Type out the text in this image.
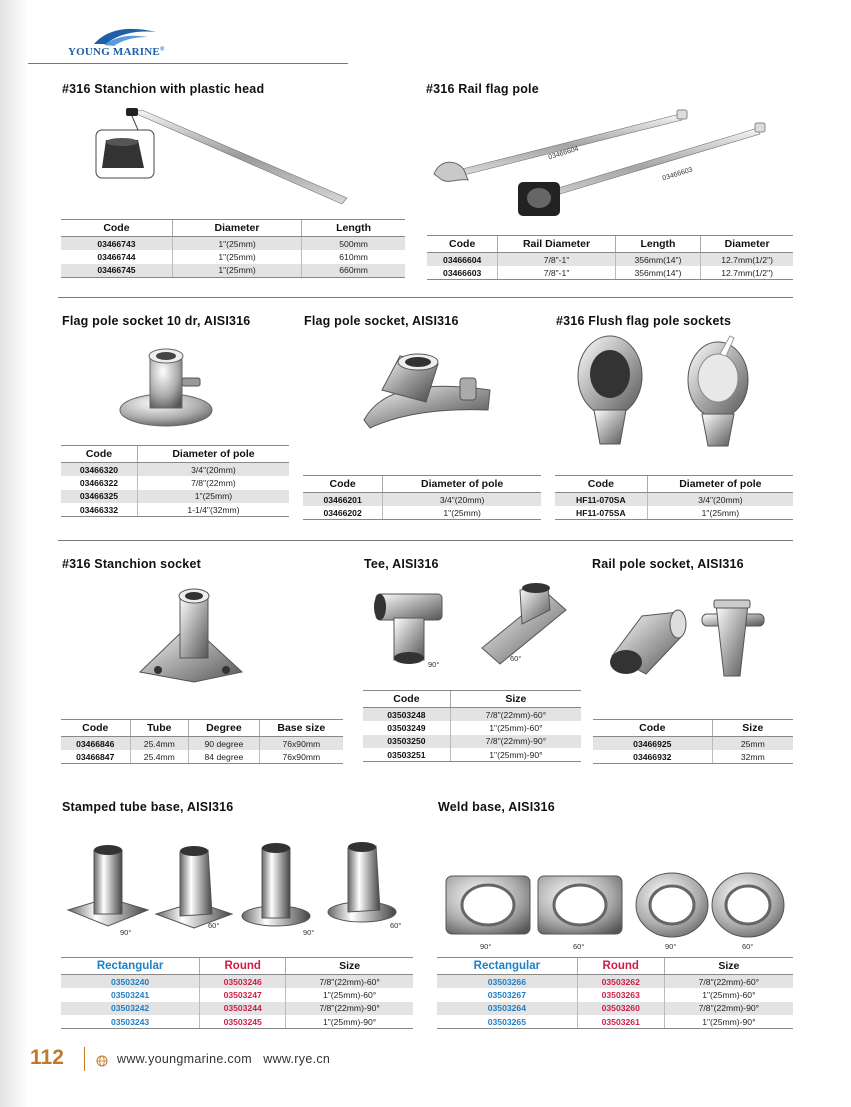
YOUNG MARINE®
#316 Stanchion with plastic head
Code	Diameter	Length
03466743	1"(25mm)	500mm
03466744	1"(25mm)	610mm
03466745	1"(25mm)	660mm
#316 Rail flag pole
03466604
03466603
Code	Rail Diameter	Length	Diameter
03466604	7/8"-1"	356mm(14")	12.7mm(1/2")
03466603	7/8"-1"	356mm(14")	12.7mm(1/2")
Flag pole socket 10 dr, AISI316
Code	Diameter of pole
03466320	3/4"(20mm)
03466322	7/8"(22mm)
03466325	1"(25mm)
03466332	1-1/4"(32mm)
Flag pole socket, AISI316
Code	Diameter of pole
03466201	3/4"(20mm)
03466202	1"(25mm)
#316 Flush flag pole sockets
Code	Diameter of pole
HF11-070SA	3/4"(20mm)
HF11-075SA	1"(25mm)
#316 Stanchion socket
Code	Tube	Degree	Base size
03466846	25.4mm	90 degree	76x90mm
03466847	25.4mm	84 degree	76x90mm
Tee, AISI316
90°
60°
Code	Size
03503248	7/8"(22mm)-60°
03503249	1"(25mm)-60°
03503250	7/8"(22mm)-90°
03503251	1"(25mm)-90°
Rail pole socket, AISI316
Code	Size
03466925	25mm
03466932	32mm
Stamped tube base, AISI316
90°
60°
90°
60°
Rectangular	Round	Size
03503240	03503246	7/8"(22mm)-60°
03503241	03503247	1"(25mm)-60°
03503242	03503244	7/8"(22mm)-90°
03503243	03503245	1"(25mm)-90°
Weld base, AISI316
90°	60°	90°	60°
Rectangular	Round	Size
03503266	03503262	7/8"(22mm)-60°
03503267	03503263	1"(25mm)-60°
03503264	03503260	7/8"(22mm)-90°
03503265	03503261	1"(25mm)-90°
112	www.youngmarine.com   www.rye.cn
